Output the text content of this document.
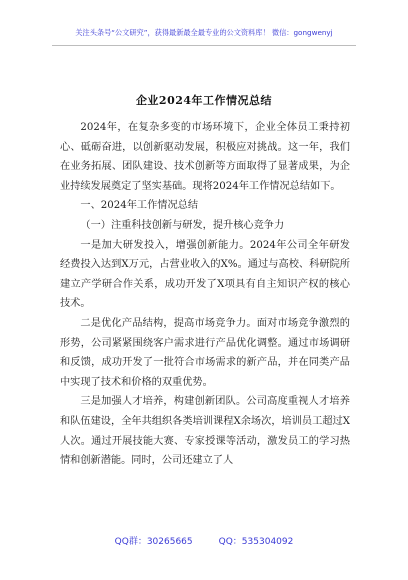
关注头条号“公文研究”，获得最新最全最专业的公文资料库！ 微信：gongwenyj
企业2024年工作情况总结

2024年，在复杂多变的市场环境下，企业全体员工秉持初心、砥砺奋进，以创新驱动发展，积极应对挑战。这一年，我们在业务拓展、团队建设、技术创新等方面取得了显著成果，为企业持续发展奠定了坚实基础。现将2024年工作情况总结如下。

一、2024年工作情况总结

（一）注重科技创新与研发，提升核心竞争力

一是加大研发投入，增强创新能力。2024年公司全年研发经费投入达到X万元，占营业收入的X%。通过与高校、科研院所建立产学研合作关系，成功开发了X项具有自主知识产权的核心技术。

二是优化产品结构，提高市场竞争力。面对市场竞争激烈的形势，公司紧紧围绕客户需求进行产品优化调整。通过市场调研和反馈，成功开发了一批符合市场需求的新产品，并在同类产品中实现了技术和价格的双重优势。

三是加强人才培养，构建创新团队。公司高度重视人才培养和队伍建设，全年共组织各类培训课程X余场次，培训员工超过X人次。通过开展技能大赛、专家授课等活动，激发员工的学习热情和创新潜能。同时，公司还建立了人

QQ群：30265665	QQ：535304092
